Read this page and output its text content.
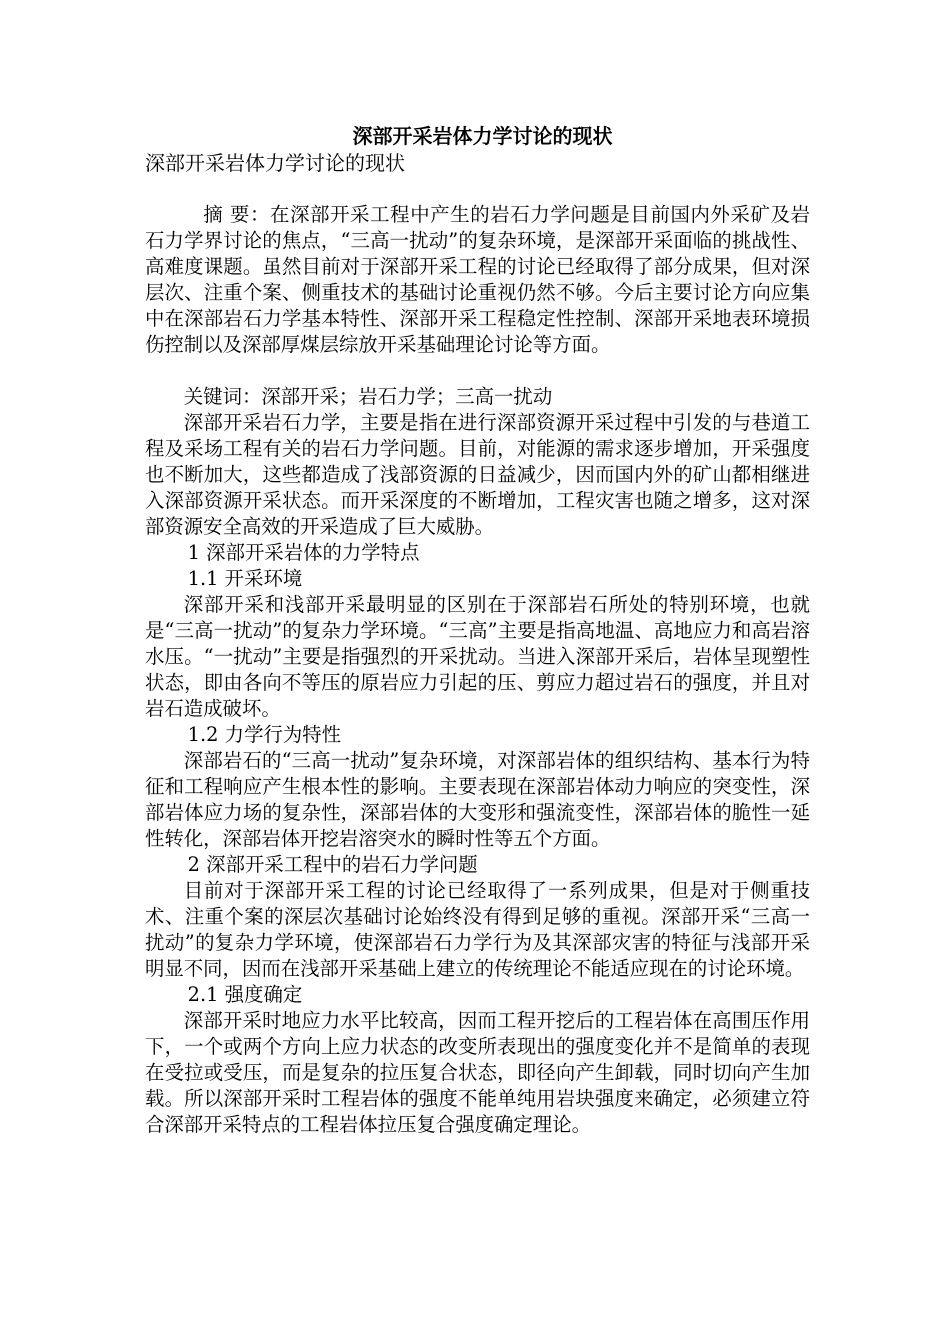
深部开采岩体力学讨论的现状
深部开采岩体力学讨论的现状

摘 要：在深部开采工程中产生的岩石力学问题是目前国内外采矿及岩石力学界讨论的焦点，“三高一扰动”的复杂环境，是深部开采面临的挑战性、高难度课题。虽然目前对于深部开采工程的讨论已经取得了部分成果，但对深层次、注重个案、侧重技术的基础讨论重视仍然不够。今后主要讨论方向应集中在深部岩石力学基本特性、深部开采工程稳定性控制、深部开采地表环境损伤控制以及深部厚煤层综放开采基础理论讨论等方面。

关键词：深部开采；岩石力学；三高一扰动

深部开采岩石力学，主要是指在进行深部资源开采过程中引发的与巷道工程及采场工程有关的岩石力学问题。目前，对能源的需求逐步增加，开采强度也不断加大，这些都造成了浅部资源的日益减少，因而国内外的矿山都相继进入深部资源开采状态。而开采深度的不断增加，工程灾害也随之增多，这对深部资源安全高效的开采造成了巨大威胁。

1 深部开采岩体的力学特点
1.1 开采环境

深部开采和浅部开采最明显的区别在于深部岩石所处的特别环境，也就是“三高一扰动”的复杂力学环境。“三高”主要是指高地温、高地应力和高岩溶水压。“一扰动”主要是指强烈的开采扰动。当进入深部开采后，岩体呈现塑性状态，即由各向不等压的原岩应力引起的压、剪应力超过岩石的强度，并且对岩石造成破坏。

1.2 力学行为特性

深部岩石的“三高一扰动”复杂环境，对深部岩体的组织结构、基本行为特征和工程响应产生根本性的影响。主要表现在深部岩体动力响应的突变性，深部岩体应力场的复杂性，深部岩体的大变形和强流变性，深部岩体的脆性一延性转化，深部岩体开挖岩溶突水的瞬时性等五个方面。

2 深部开采工程中的岩石力学问题

目前对于深部开采工程的讨论已经取得了一系列成果，但是对于侧重技术、注重个案的深层次基础讨论始终没有得到足够的重视。深部开采“三高一扰动”的复杂力学环境，使深部岩石力学行为及其深部灾害的特征与浅部开采明显不同，因而在浅部开采基础上建立的传统理论不能适应现在的讨论环境。

2.1 强度确定

深部开采时地应力水平比较高，因而工程开挖后的工程岩体在高围压作用下，一个或两个方向上应力状态的改变所表现出的强度变化并不是简单的表现在受拉或受压，而是复杂的拉压复合状态，即径向产生卸载，同时切向产生加载。所以深部开采时工程岩体的强度不能单纯用岩块强度来确定，必须建立符合深部开采特点的工程岩体拉压复合强度确定理论。
